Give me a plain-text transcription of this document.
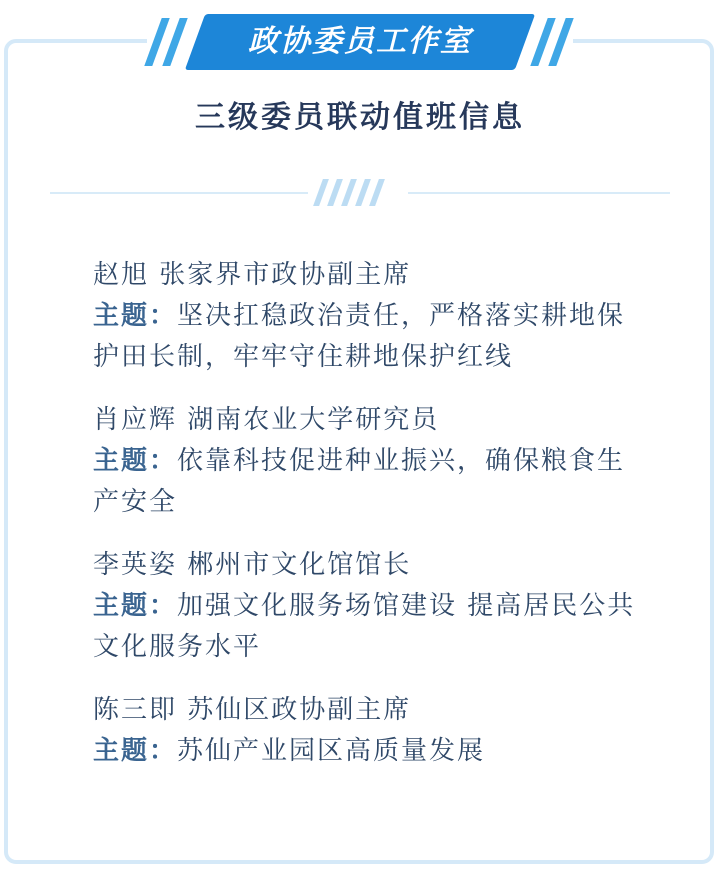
政协委员工作室
三级委员联动值班信息

赵旭 张家界市政协副主席

主题：坚决扛稳政治责任，严格落实耕地保护田长制，牢牢守住耕地保护红线

肖应辉 湖南农业大学研究员

主题：依靠科技促进种业振兴，确保粮食生产安全

李英姿 郴州市文化馆馆长

主题：加强文化服务场馆建设 提高居民公共文化服务水平

陈三即 苏仙区政协副主席

主题：苏仙产业园区高质量发展
